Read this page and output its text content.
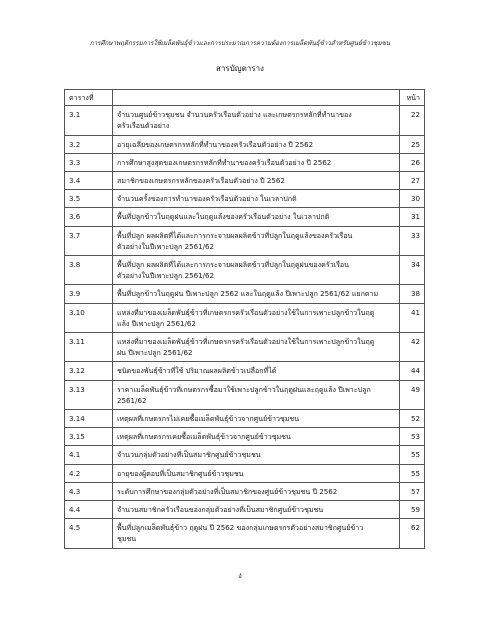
การศึกษาพฤติกรรมการใช้เมล็ดพันธุ์ข้าวและการประมาณการความต้องการเมล็ดพันธุ์ข้าวสำหรับศูนย์ข้าวชุมชน
สารบัญตาราง
ตารางที่		หน้า
3.1	จำนวนศูนย์ข้าวชุมชน จำนวนครัวเรือนตัวอย่าง และเกษตรกรหลักที่ทำนาของ
ครัวเรือนตัวอย่าง	22
3.2	อายุเฉลี่ยของเกษตรกรหลักที่ทำนาของครัวเรือนตัวอย่าง ปี 2562	25
3.3	การศึกษาสูงสุดของเกษตรกรหลักที่ทำนาของครัวเรือนตัวอย่าง ปี 2562	26
3.4	สมาชิกของเกษตรกรหลักของครัวเรือนตัวอย่าง ปี 2562	27
3.5	จำนวนครั้งของการทำนาของครัวเรือนตัวอย่าง ในเวลาปกติ	30
3.6	พื้นที่ปลูกข้าวในฤดูฝนและในฤดูแล้งของครัวเรือนตัวอย่าง ในเวลาปกติ	31
3.7	พื้นที่ปลูก ผลผลิตที่ได้และการกระจายผลผลิตข้าวที่ปลูกในฤดูแล้งของครัวเรือน
ตัวอย่างในปีเพาะปลูก 2561/62	33
3.8	พื้นที่ปลูก ผลผลิตที่ได้และการกระจายผลผลิตข้าวที่ปลูกในฤดูฝนของครัวเรือน
ตัวอย่างในปีเพาะปลูก 2561/62	34
3.9	พื้นที่ปลูกข้าวในฤดูฝน ปีเพาะปลูก 2562 และในฤดูแล้ง ปีเพาะปลูก 2561/62 แยกตาม	38
3.10	แหล่งที่มาของเมล็ดพันธุ์ข้าวที่เกษตรกรครัวเรือนตัวอย่างใช้ในการเพาะปลูกข้าวในฤดู
แล้ง ปีเพาะปลูก 2561/62	41
3.11	แหล่งที่มาของเมล็ดพันธุ์ข้าวที่เกษตรกรครัวเรือนตัวอย่างใช้ในการเพาะปลูกข้าวในฤดู
ฝน ปีเพาะปลูก 2561/62	42
3.12	ชนิดของพันธุ์ข้าวที่ใช้ ปริมาณผลผลิตข้าวเปลือกที่ได้	44
3.13	ราคาเมล็ดพันธุ์ข้าวที่เกษตรกรซื้อมาใช้เพาะปลูกข้าวในฤดูฝนและฤดูแล้ง ปีเพาะปลูก
2561/62	49
3.14	เหตุผลที่เกษตรกรไม่เคยซื้อเมล็ดพันธุ์ข้าวจากศูนย์ข้าวชุมชน	52
3.15	เหตุผลที่เกษตรกรเคยซื้อเมล็ดพันธุ์ข้าวจากศูนย์ข้าวชุมชน	53
4.1	จำนวนกลุ่มตัวอย่างที่เป็นสมาชิกศูนย์ข้าวชุมชน	55
4.2	อายุของผู้ตอบที่เป็นสมาชิกศูนย์ข้าวชุมชน	55
4.3	ระดับการศึกษาของกลุ่มตัวอย่างที่เป็นสมาชิกของศูนย์ข้าวชุมชน ปี 2562	57
4.4	จำนวนสมาชิกครัวเรือนของกลุ่มตัวอย่างที่เป็นสมาชิกศูนย์ข้าวชุมชน	59
4.5	พื้นที่ปลูกเมล็ดพันธุ์ข้าว ฤดูฝน ปี 2562 ของกลุ่มเกษตรกรตัวอย่างสมาชิกศูนย์ข้าว
ชุมชน	62
ง
